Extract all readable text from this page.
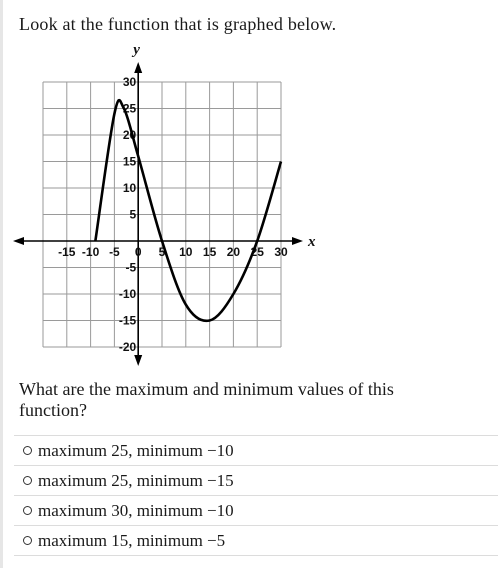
Look at the function that is graphed below.
-15 -10 -5 0 5 10 15 20 25 30
30
25
20
15
10
5
-5
-10
-15
-20
x
y
What are the maximum and minimum values of this function?
maximum 25, minimum −10
maximum 25, minimum −15
maximum 30, minimum −10
maximum 15, minimum −5
